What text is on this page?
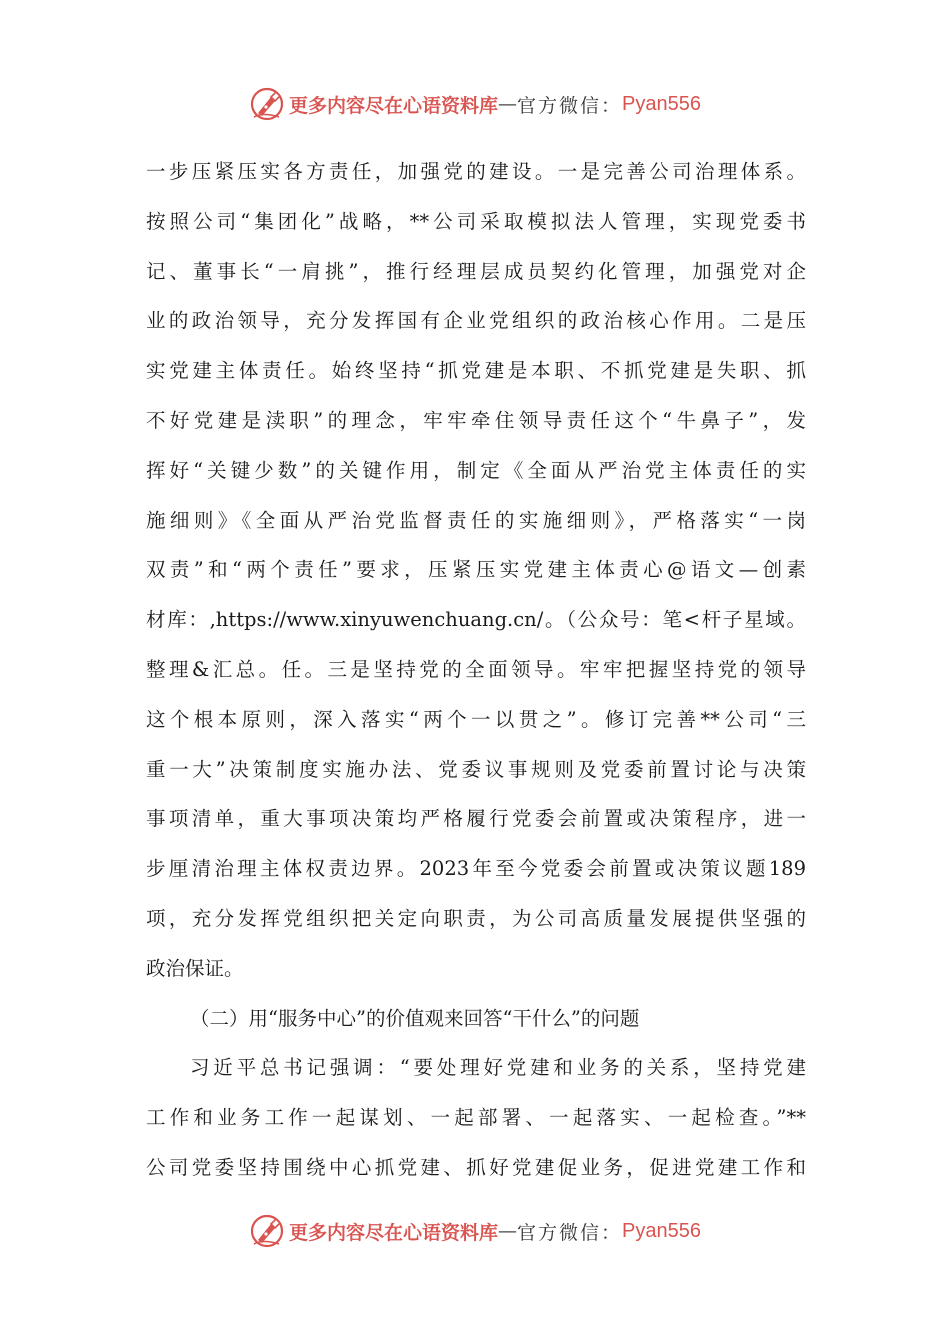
更多内容尽在心语资料库 — 官方微信： Pyan556
一步压紧压实各方责任，加强党的建设。一是完善公司治理体系。
按照公司“集团化”战略，**公司采取模拟法人管理，实现党委书
记、董事长“一肩挑”，推行经理层成员契约化管理，加强党对企
业的政治领导，充分发挥国有企业党组织的政治核心作用。二是压
实党建主体责任。始终坚持“抓党建是本职、不抓党建是失职、抓
不好党建是渎职”的理念，牢牢牵住领导责任这个“牛鼻子”，发
挥好“关键少数”的关键作用，制定《全面从严治党主体责任的实
施细则》《全面从严治党监督责任的实施细则》，严格落实“一岗
双责”和“两个责任”要求，压紧压实党建主体责心@语文—创素
材库：,https://www.xinyuwenchuang.cn/。（公众号：笔<杆子星域。
整理&汇总。任。三是坚持党的全面领导。牢牢把握坚持党的领导
这个根本原则，深入落实“两个一以贯之”。修订完善**公司“三
重一大”决策制度实施办法、党委议事规则及党委前置讨论与决策
事项清单，重大事项决策均严格履行党委会前置或决策程序，进一
步厘清治理主体权责边界。2023年至今党委会前置或决策议题189
项，充分发挥党组织把关定向职责，为公司高质量发展提供坚强的
政治保证。
（二）用“服务中心”的价值观来回答“干什么”的问题
习近平总书记强调：“要处理好党建和业务的关系，坚持党建
工作和业务工作一起谋划、一起部署、一起落实、一起检查。”**
公司党委坚持围绕中心抓党建、抓好党建促业务，促进党建工作和
更多内容尽在心语资料库 — 官方微信： Pyan556
